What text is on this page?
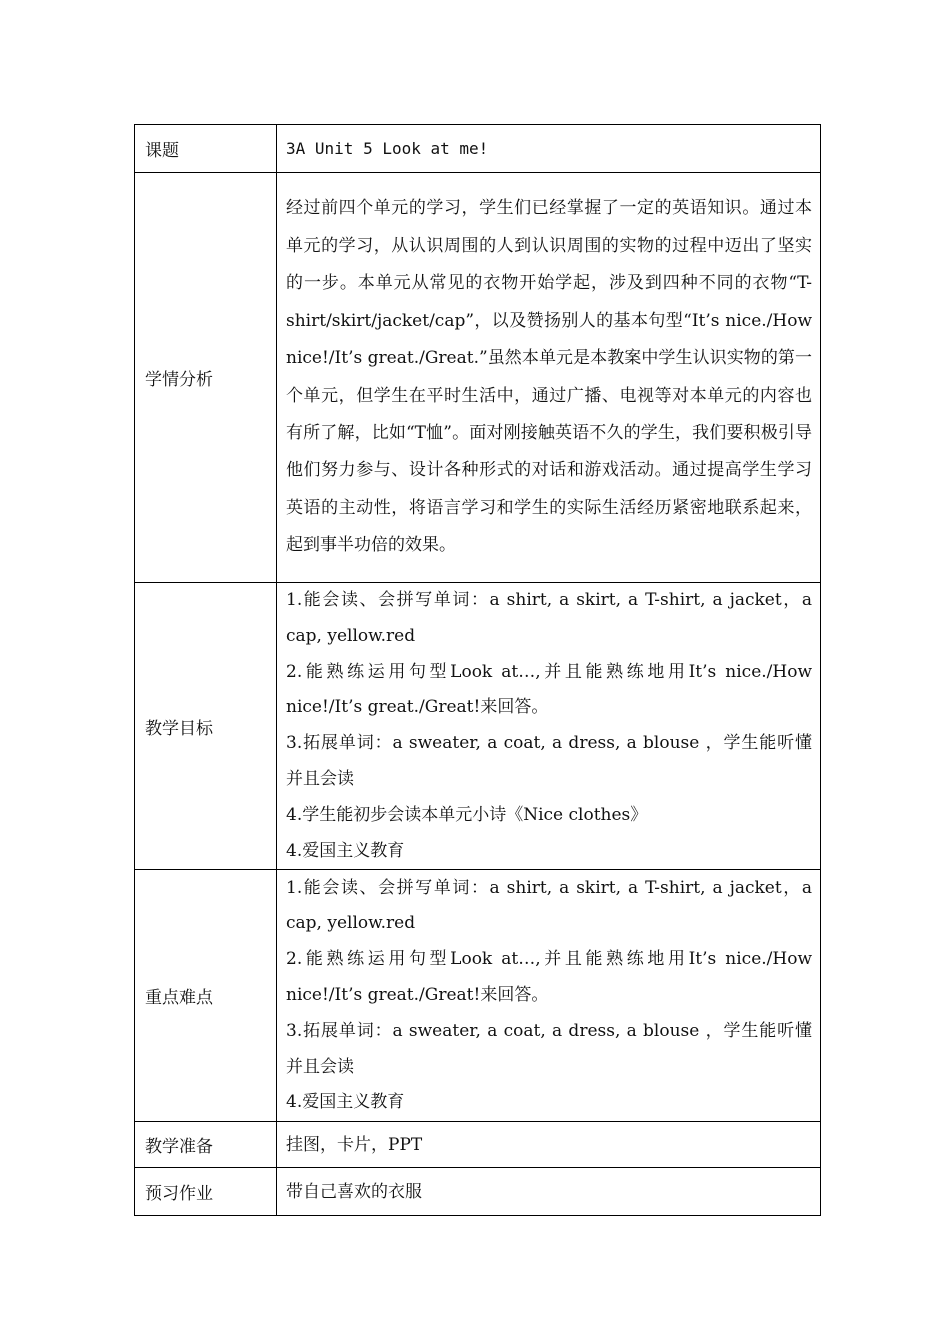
课题	3A Unit 5 Look at me!
学情分析	经过前四个单元的学习，学生们已经掌握了一定的英语知识。通过本单元的学习，从认识周围的人到认识周围的实物的过程中迈出了坚实的一步。本单元从常见的衣物开始学起，涉及到四种不同的衣物“T-shirt/skirt/jacket/cap”，以及赞扬别人的基本句型“It’s nice./How nice!/It’s great./Great.”虽然本单元是本教案中学生认识实物的第一个单元，但学生在平时生活中，通过广播、电视等对本单元的内容也有所了解，比如“T恤”。面对刚接触英语不久的学生，我们要积极引导他们努力参与、设计各种形式的对话和游戏活动。通过提高学生学习英语的主动性，将语言学习和学生的实际生活经历紧密地联系起来，起到事半功倍的效果。

教学目标	1.能会读、会拼写单词：a shirt, a skirt, a T-shirt, a jacket，a cap, yellow.red

2.能熟练运用句型Look at…,并且能熟练地用It’s nice./How nice!/It’s great./Great!来回答。

3.拓展单词：a sweater, a coat, a dress, a blouse ，学生能听懂并且会读

4.学生能初步会读本单元小诗《Nice clothes》

4.爱国主义教育

重点难点	1.能会读、会拼写单词：a shirt, a skirt, a T-shirt, a jacket，a cap, yellow.red

2.能熟练运用句型Look at…,并且能熟练地用It’s nice./How nice!/It’s great./Great!来回答。

3.拓展单词：a sweater, a coat, a dress, a blouse ，学生能听懂并且会读

4.爱国主义教育

教学准备	挂图，卡片，PPT
预习作业	带自己喜欢的衣服
